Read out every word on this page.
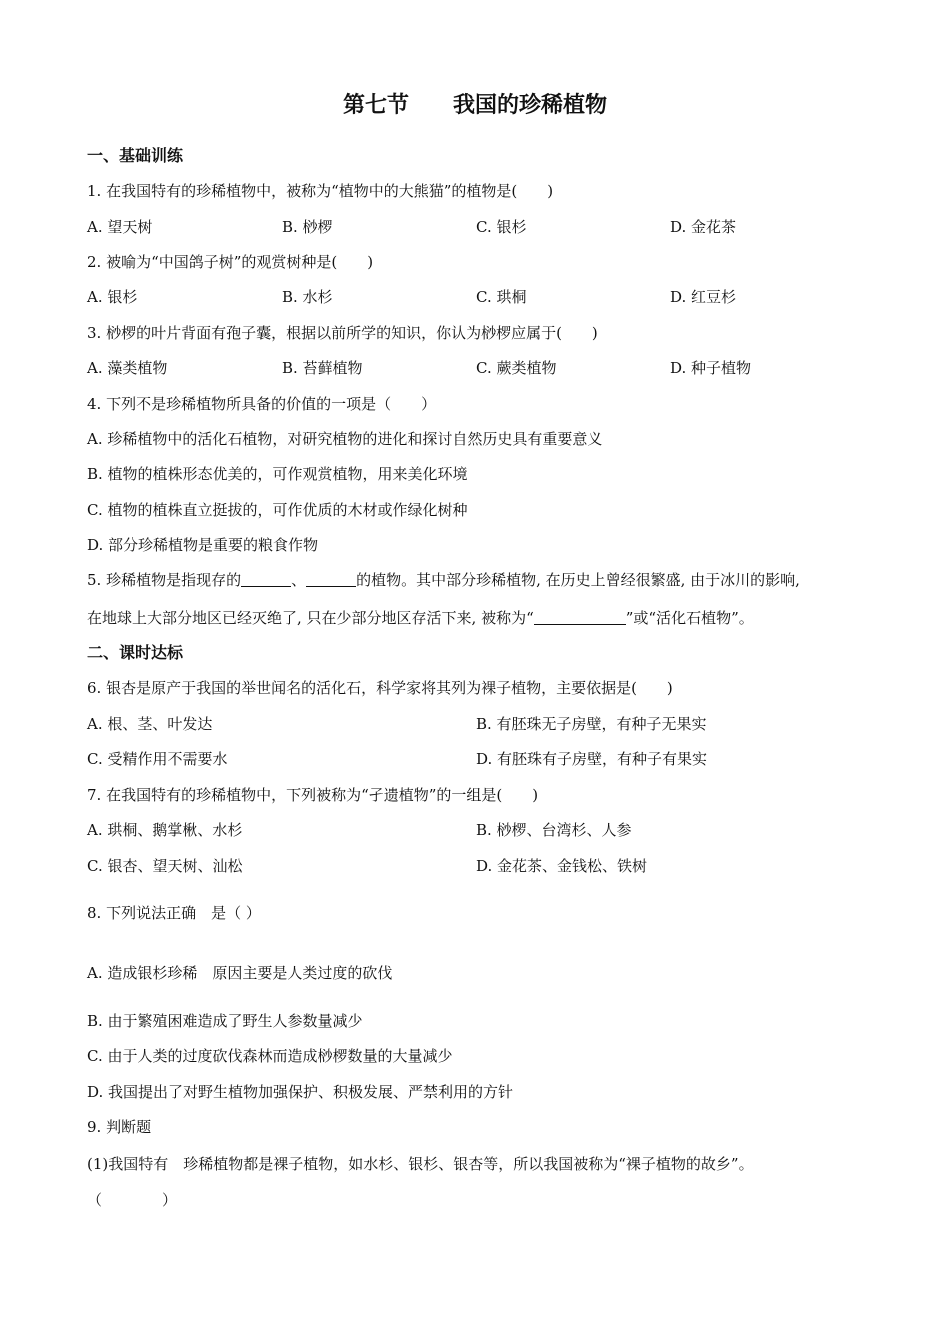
第七节　　我国的珍稀植物
一、基础训练
1. 在我国特有的珍稀植物中，被称为“植物中的大熊猫”的植物是(　　)
A. 望天树	B. 桫椤	C. 银杉	D. 金花茶
2. 被喻为“中国鸽子树”的观赏树种是(　　)
A. 银杉	B. 水杉	C. 珙桐	D. 红豆杉
3. 桫椤的叶片背面有孢子囊，根据以前所学的知识，你认为桫椤应属于(　　)
A. 藻类植物	B. 苔藓植物	C. 蕨类植物	D. 种子植物
4. 下列不是珍稀植物所具备的价值的一项是（　　）
A. 珍稀植物中的活化石植物，对研究植物的进化和探讨自然历史具有重要意义
B. 植物的植株形态优美的，可作观赏植物，用来美化环境
C. 植物的植株直立挺拔的，可作优质的木材或作绿化树种
D. 部分珍稀植物是重要的粮食作物
5. 珍稀植物是指现存的	、	的植物。其中部分珍稀植物, 在历史上曾经很繁盛, 由于冰川的影响,
在地球上大部分地区已经灭绝了, 只在少部分地区存活下来, 被称为“	”或“活化石植物”。
二、课时达标
6. 银杏是原产于我国的举世闻名的活化石，科学家将其列为裸子植物，主要依据是(　　)
A. 根、茎、叶发达	B. 有胚珠无子房壁，有种子无果实
C. 受精作用不需要水	D. 有胚珠有子房壁，有种子有果实
7. 在我国特有的珍稀植物中，下列被称为“孑遗植物”的一组是(　　)
A. 珙桐、鹅掌楸、水杉	B. 桫椤、台湾杉、人参
C. 银杏、望天树、汕松	D. 金花茶、金钱松、铁树
8. 下列说法正确　是（ ）
A. 造成银杉珍稀　原因主要是人类过度的砍伐
B. 由于繁殖困难造成了野生人参数量减少
C. 由于人类的过度砍伐森林而造成桫椤数量的大量减少
D. 我国提出了对野生植物加强保护、积极发展、严禁利用的方针
9. 判断题
(1)我国特有　珍稀植物都是裸子植物，如水杉、银杉、银杏等，所以我国被称为“裸子植物的故乡”。
（　　　　）
